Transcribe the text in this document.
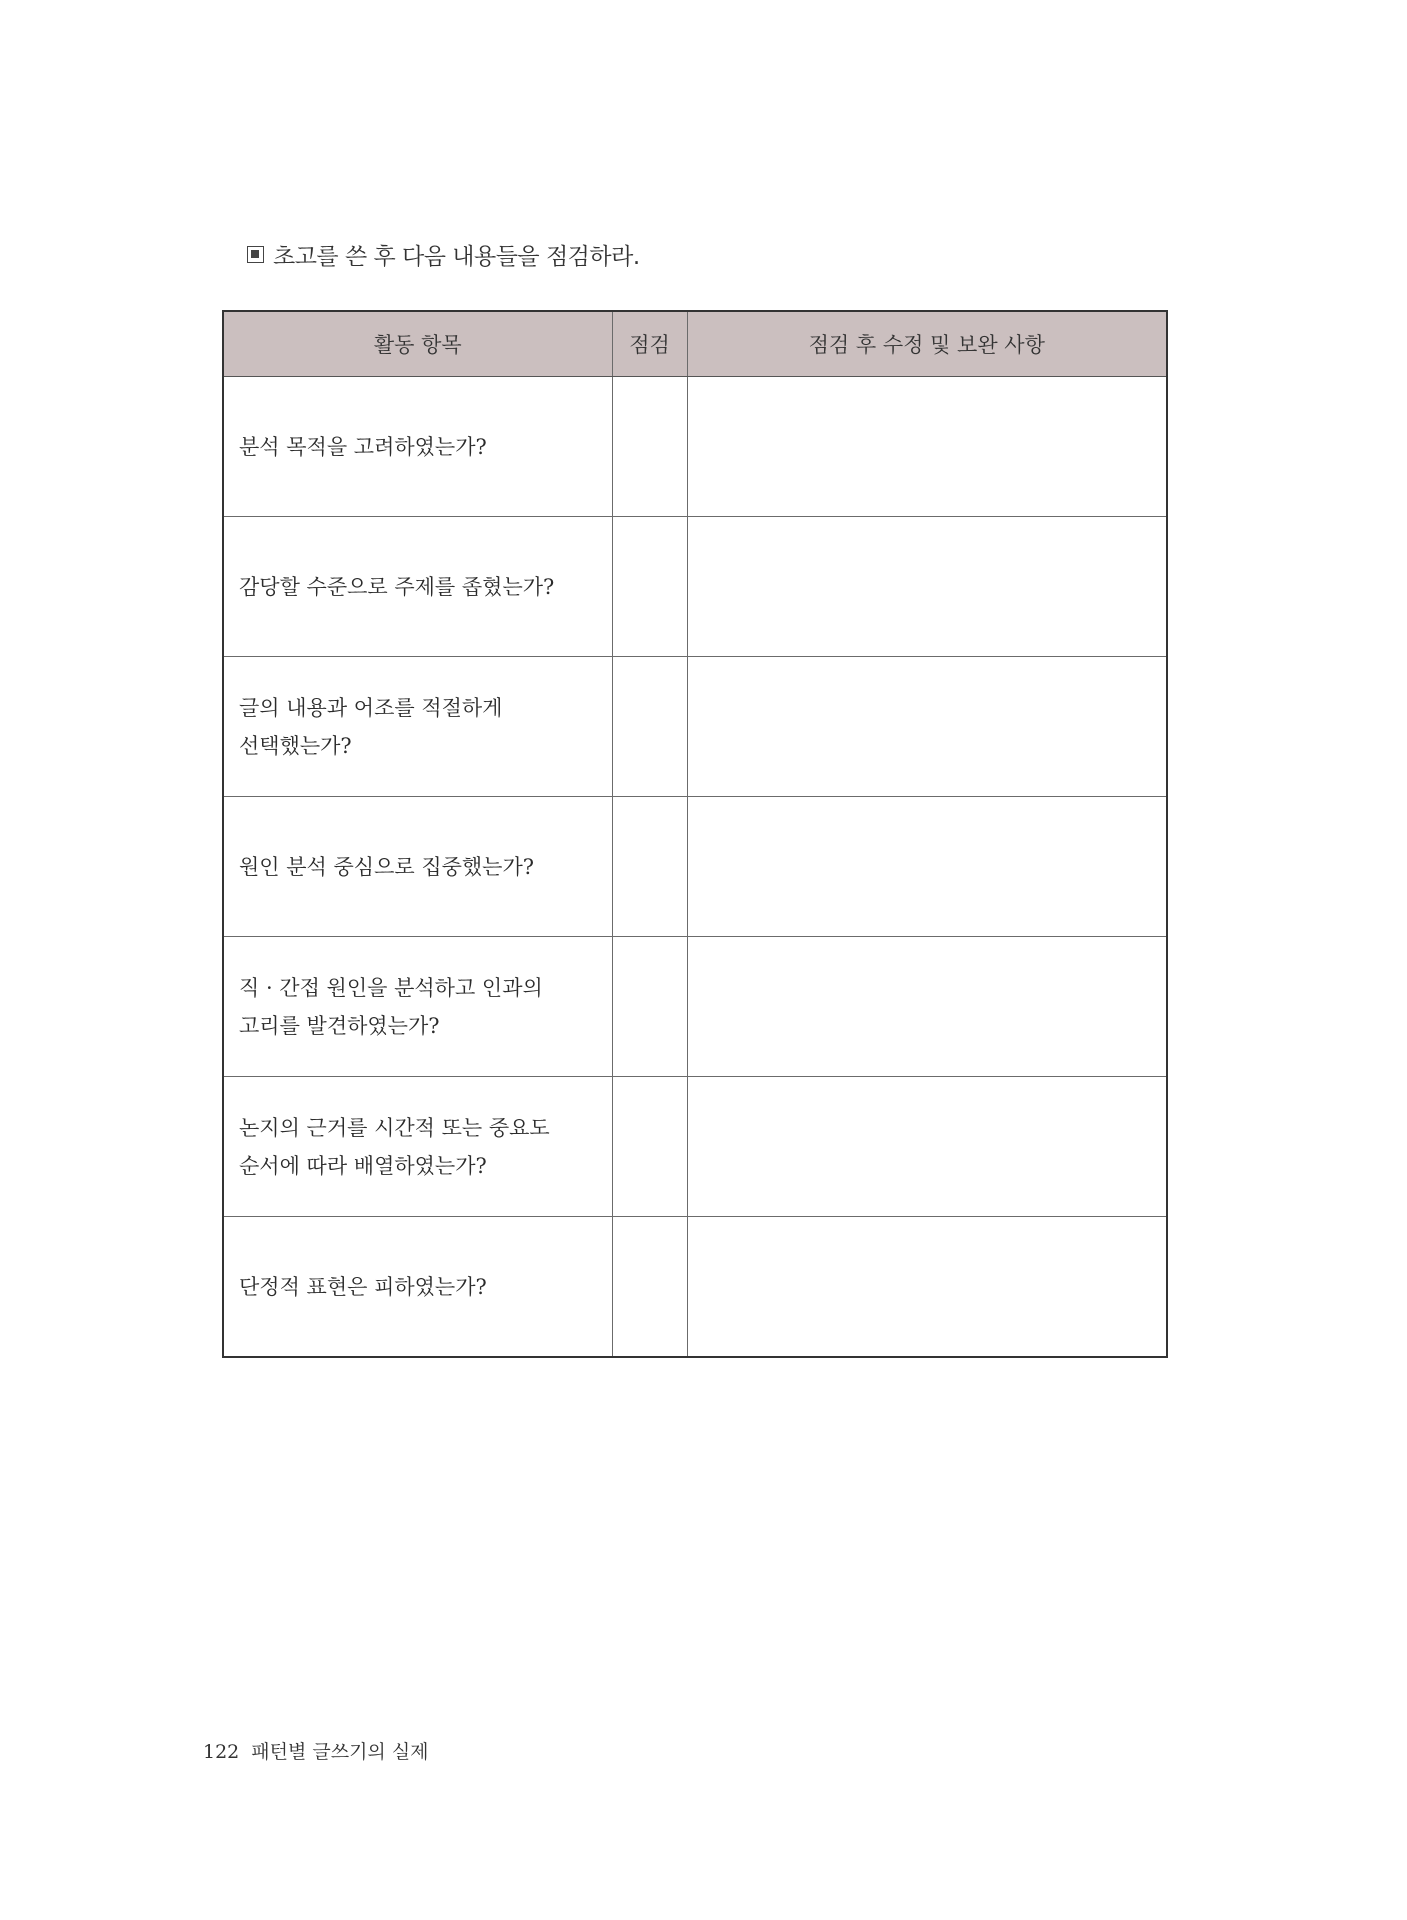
초고를 쓴 후 다음 내용들을 점검하라.
활동 항목	점검	점검 후 수정 및 보완 사항

분석 목적을 고려하였는가?		

감당할 수준으로 주제를 좁혔는가?		

글의 내용과 어조를 적절하게
선택했는가?		

원인 분석 중심으로 집중했는가?		

직 · 간접 원인을 분석하고 인과의
고리를 발견하였는가?		

논지의 근거를 시간적 또는 중요도
순서에 따라 배열하였는가?		

단정적 표현은 피하였는가?		

122 패턴별 글쓰기의 실제
